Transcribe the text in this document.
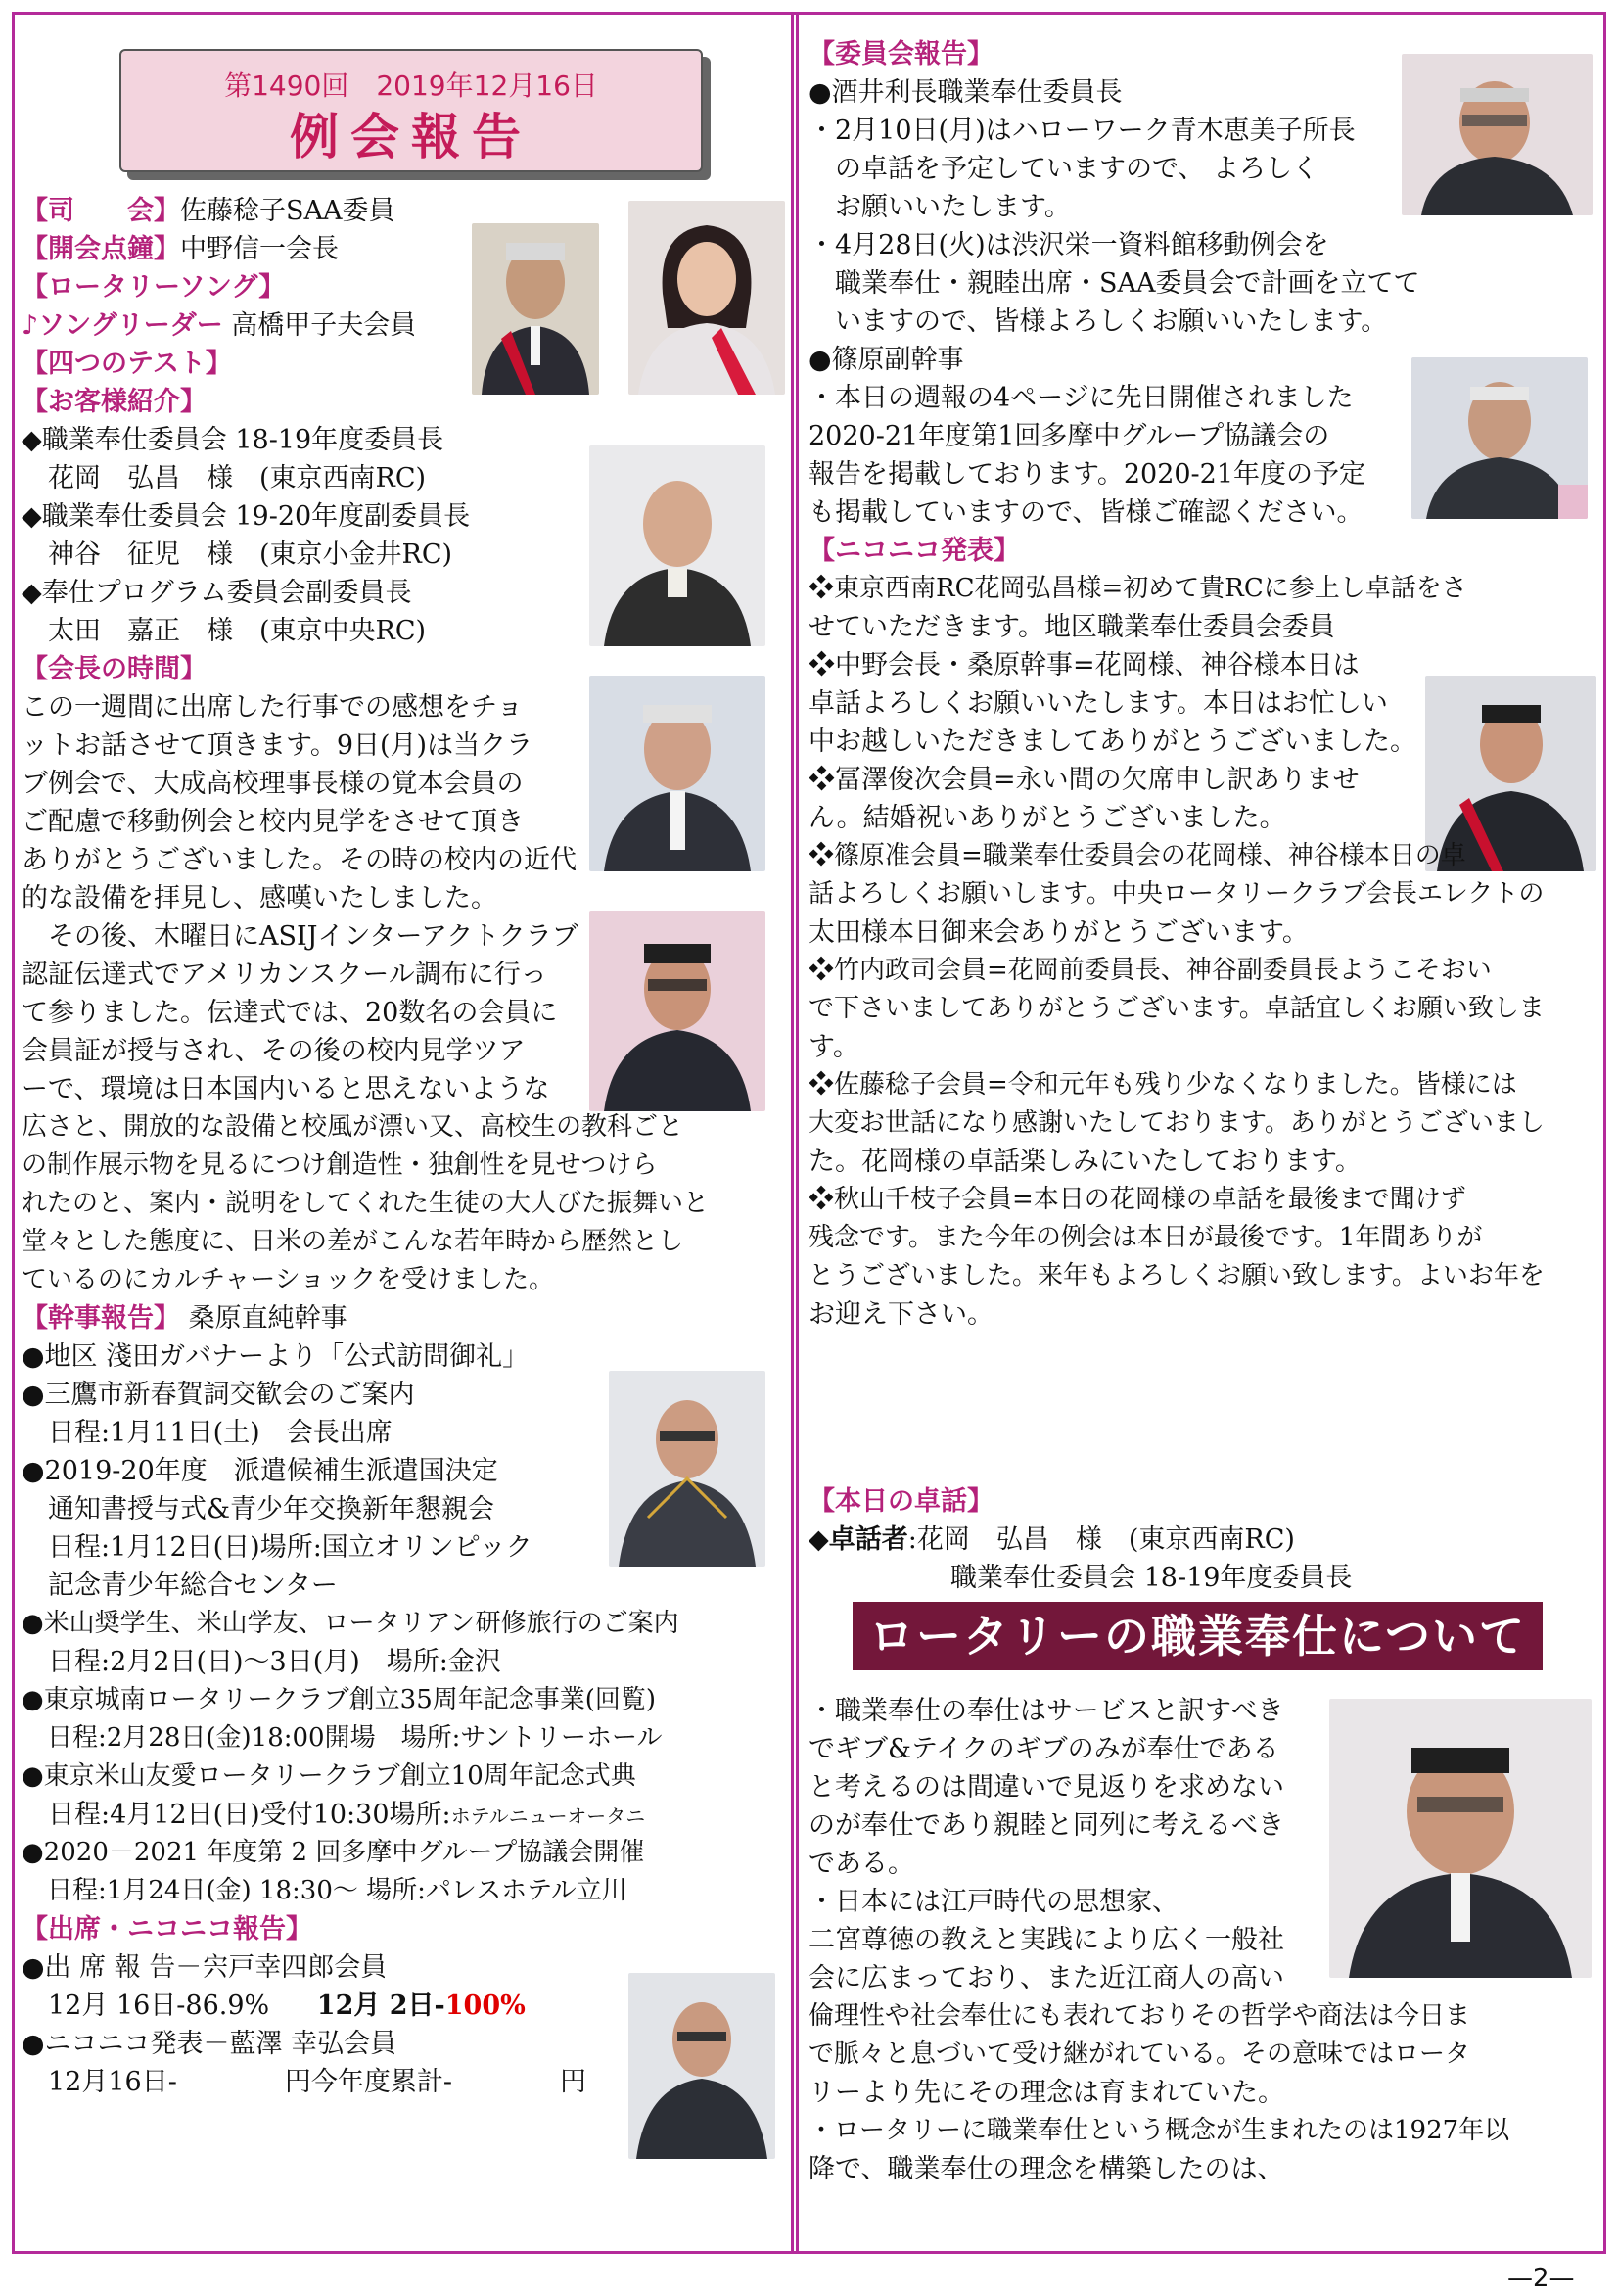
第1490回　2019年12月16日
例会報告
【司　　会】佐藤稔子SAA委員
【開会点鐘】中野信一会長
【ロータリーソング】
♪ソングリーダー 高橋甲子夫会員
【四つのテスト】
【お客様紹介】
◆職業奉仕委員会 18-19年度委員長
　花岡　弘昌　様　(東京西南RC)
◆職業奉仕委員会 19-20年度副委員長
　神谷　征児　様　(東京小金井RC)
◆奉仕プログラム委員会副委員長
　太田　嘉正　様　(東京中央RC)
【会長の時間】
この一週間に出席した行事での感想をチョ
ットお話させて頂きます。9日(月)は当クラ
ブ例会で、大成高校理事長様の覚本会員の
ご配慮で移動例会と校内見学をさせて頂き
ありがとうございました。その時の校内の近代
的な設備を拝見し、感嘆いたしました。
　その後、木曜日にASIJインターアクトクラブ
認証伝達式でアメリカンスクール調布に行っ
て参りました。伝達式では、20数名の会員に
会員証が授与され、その後の校内見学ツア
ーで、環境は日本国内いると思えないような
広さと、開放的な設備と校風が漂い又、高校生の教科ごと
の制作展示物を見るにつけ創造性・独創性を見せつけら
れたのと、案内・説明をしてくれた生徒の大人びた振舞いと
堂々とした態度に、日米の差がこんな若年時から歴然とし
ているのにカルチャーショックを受けました。
【幹事報告】 桑原直純幹事
●地区 淺田ガバナーより「公式訪問御礼」
●三鷹市新春賀詞交歓会のご案内
　日程:1月11日(土)　会長出席
●2019-20年度　派遣候補生派遣国決定
　通知書授与式&青少年交換新年懇親会
　日程:1月12日(日)場所:国立オリンピック
　記念青少年総合センター
●米山奨学生、米山学友、ロータリアン研修旅行のご案内
　日程:2月2日(日)～3日(月)　場所:金沢
●東京城南ロータリークラブ創立35周年記念事業(回覧)
　日程:2月28日(金)18:00開場　場所:サントリーホール
●東京米山友愛ロータリークラブ創立10周年記念式典
　日程:4月12日(日)受付10:30場所:ホテルニューオータニ
●2020－2021 年度第 2 回多摩中グループ協議会開催
　日程:1月24日(金) 18:30～ 場所:パレスホテル立川
【出席・ニコニコ報告】
●出 席 報 告－宍戸幸四郎会員
　12月 16日-86.9% 12月 2日-100%
●ニコニコ発表－藍澤 幸弘会員
　12月16日-	円今年度累計-	円
【委員会報告】
●酒井利長職業奉仕委員長
・2月10日(月)はハローワーク青木恵美子所長
　の卓話を予定していますので、 よろしく
　お願いいたします。
・4月28日(火)は渋沢栄一資料館移動例会を
　職業奉仕・親睦出席・SAA委員会で計画を立てて
　いますので、皆様よろしくお願いいたします。
●篠原副幹事
・本日の週報の4ページに先日開催されました
2020-21年度第1回多摩中グループ協議会の
報告を掲載しております。2020-21年度の予定
も掲載していますので、皆様ご確認ください。
【ニコニコ発表】
❖東京西南RC花岡弘昌様=初めて貴RCに参上し卓話をさ
せていただきます。地区職業奉仕委員会委員
❖中野会長・桑原幹事=花岡様、神谷様本日は
卓話よろしくお願いいたします。本日はお忙しい
中お越しいただきましてありがとうございました。
❖冨澤俊次会員=永い間の欠席申し訳ありませ
ん。結婚祝いありがとうございました。
❖篠原准会員=職業奉仕委員会の花岡様、神谷様本日の卓
話よろしくお願いします。中央ロータリークラブ会長エレクトの
太田様本日御来会ありがとうございます。
❖竹内政司会員=花岡前委員長、神谷副委員長ようこそおい
で下さいましてありがとうございます。卓話宜しくお願い致しま
す。
❖佐藤稔子会員=令和元年も残り少なくなりました。皆様には
大変お世話になり感謝いたしております。ありがとうございまし
た。花岡様の卓話楽しみにいたしております。
❖秋山千枝子会員=本日の花岡様の卓話を最後まで聞けず
残念です。また今年の例会は本日が最後です。1年間ありが
とうございました。来年もよろしくお願い致します。よいお年を
お迎え下さい。
【本日の卓話】
◆卓話者:花岡　弘昌　様　(東京西南RC)
職業奉仕委員会 18-19年度委員長
ロータリーの職業奉仕について
・職業奉仕の奉仕はサービスと訳すべき
でギブ&テイクのギブのみが奉仕である
と考えるのは間違いで見返りを求めない
のが奉仕であり親睦と同列に考えるべき
である。
・日本には江戸時代の思想家、
二宮尊徳の教えと実践により広く一般社
会に広まっており、また近江商人の高い
倫理性や社会奉仕にも表れておりその哲学や商法は今日ま
で脈々と息づいて受け継がれている。その意味ではロータ
リーより先にその理念は育まれていた。
・ロータリーに職業奉仕という概念が生まれたのは1927年以
降で、職業奉仕の理念を構築したのは、
—2—
